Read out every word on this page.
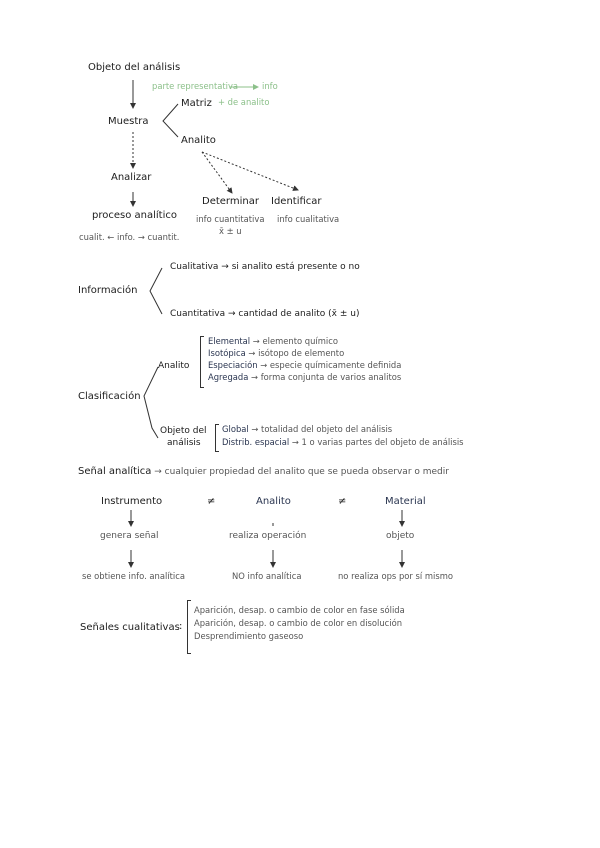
Objeto del análisis
parte representativa	info
Matriz + de analito
Muestra
Analito
Analizar
proceso analítico
cualit. ← info. → cuantit.
Determinar Identificar
info cuantitativa
x̄ ± u
info cualitativa
Información
Cualitativa → si analito está presente o no
Cuantitativa → cantidad de analito (x̄ ± u)
Clasificación
Analito
Elemental → elemento químico
Isotópica → isótopo de elemento
Especiación → especie químicamente definida
Agregada → forma conjunta de varios analitos
Objeto del
análisis
Global → totalidad del objeto del análisis
Distrib. espacial → 1 o varias partes del objeto de análisis
Señal analítica → cualquier propiedad del analito que se pueda observar o medir
Instrumento	≠	Analito	≠	Material
genera señal	realiza operación	objeto
se obtiene info. analítica	NO info analítica	no realiza ops por sí mismo
Señales cualitativas :
Aparición, desap. o cambio de color en fase sólida
Aparición, desap. o cambio de color en disolución
Desprendimiento gaseoso
